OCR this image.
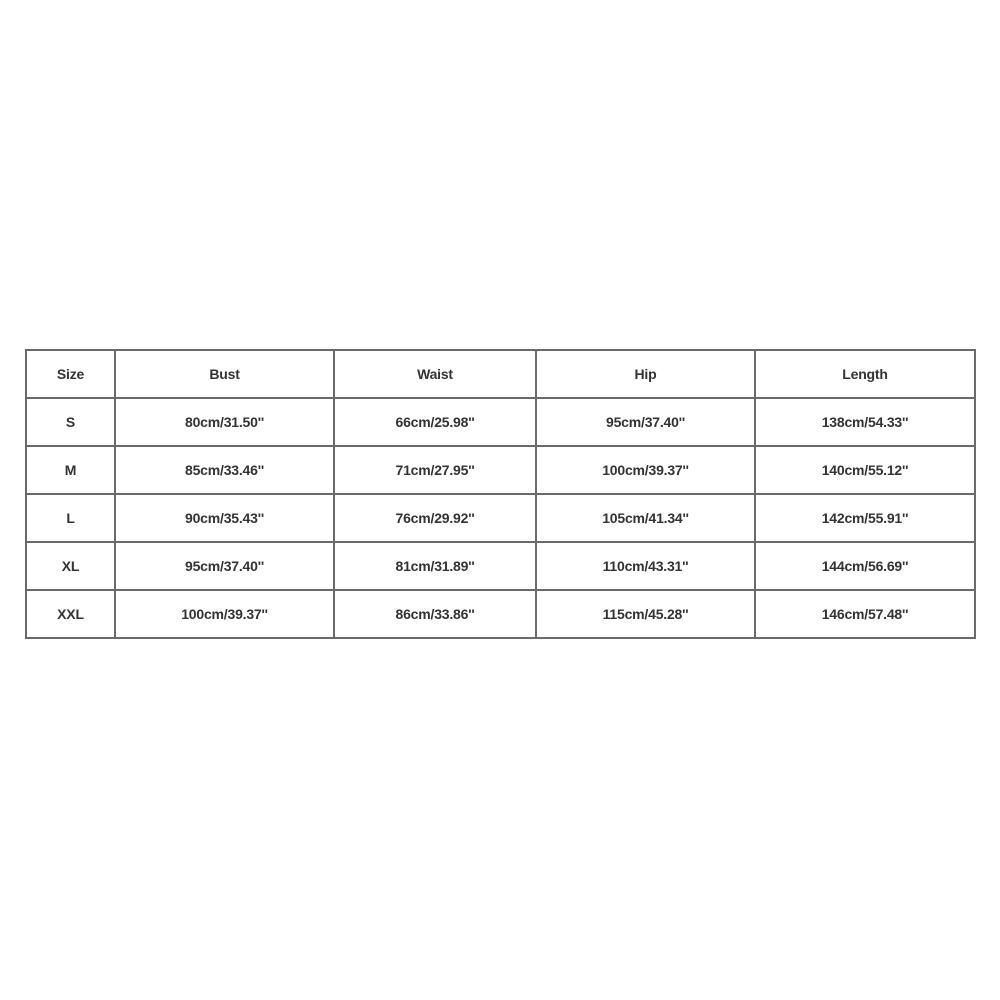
Size	Bust	Waist	Hip	Length
S	80cm/31.50''	66cm/25.98''	95cm/37.40''	138cm/54.33''
M	85cm/33.46''	71cm/27.95''	100cm/39.37''	140cm/55.12''
L	90cm/35.43''	76cm/29.92''	105cm/41.34''	142cm/55.91''
XL	95cm/37.40''	81cm/31.89''	110cm/43.31''	144cm/56.69''
XXL	100cm/39.37''	86cm/33.86''	115cm/45.28''	146cm/57.48''
